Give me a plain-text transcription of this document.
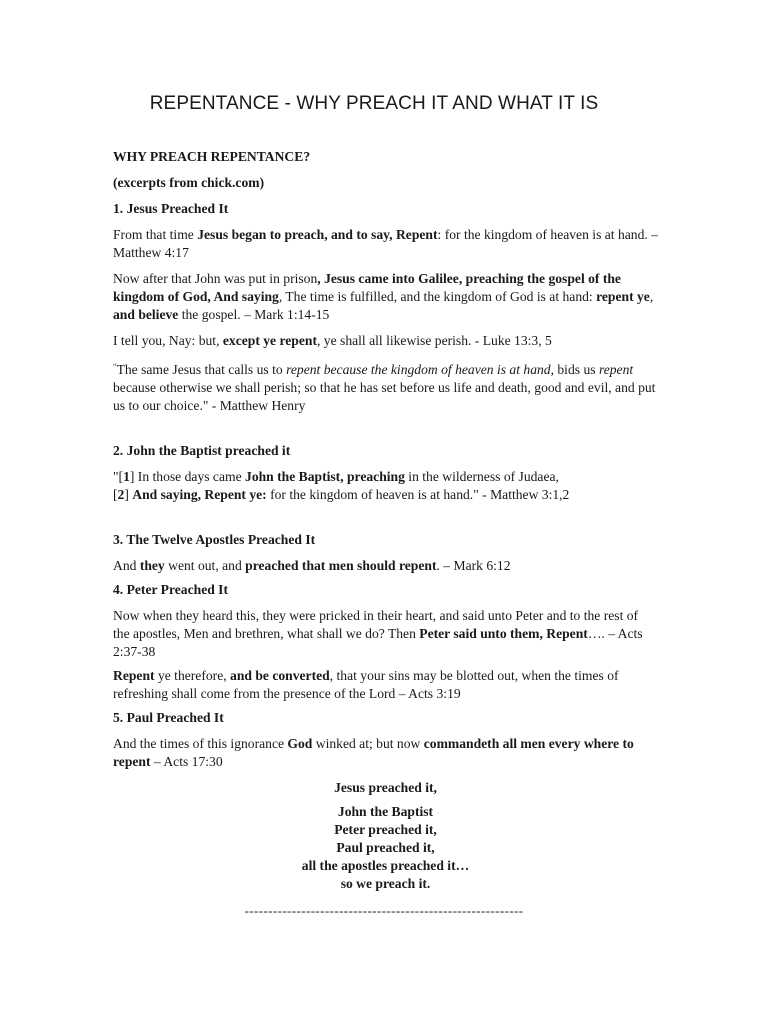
REPENTANCE - WHY PREACH IT AND WHAT IT IS

WHY PREACH REPENTANCE?

(excerpts from chick.com)

1. Jesus Preached It

From that time Jesus began to preach, and to say, Repent: for the kingdom of heaven is at hand. – Matthew 4:17

Now after that John was put in prison, Jesus came into Galilee, preaching the gospel of the kingdom of God, And saying, The time is fulfilled, and the kingdom of God is at hand: repent ye, and believe the gospel. – Mark 1:14-15

I tell you, Nay: but, except ye repent, ye shall all likewise perish. - Luke 13:3, 5

“The same Jesus that calls us to repent because the kingdom of heaven is at hand, bids us repent because otherwise we shall perish; so that he has set before us life and death, good and evil, and put us to our choice." - Matthew Henry

2. John the Baptist preached it

"[1] In those days came John the Baptist, preaching in the wilderness of Judaea,

[2] And saying, Repent ye: for the kingdom of heaven is at hand." - Matthew 3:1,2

3. The Twelve Apostles Preached It

And they went out, and preached that men should repent. – Mark 6:12

4. Peter Preached It

Now when they heard this, they were pricked in their heart, and said unto Peter and to the rest of the apostles, Men and brethren, what shall we do? Then Peter said unto them, Repent…. – Acts 2:37-38

Repent ye therefore, and be converted, that your sins may be blotted out, when the times of refreshing shall come from the presence of the Lord – Acts 3:19

5. Paul Preached It

And the times of this ignorance God winked at; but now commandeth all men every where to repent – Acts 17:30

Jesus preached it,

John the Baptist

Peter preached it,

Paul preached it,

all the apostles preached it…

so we preach it.

-----------------------------------------------------------
